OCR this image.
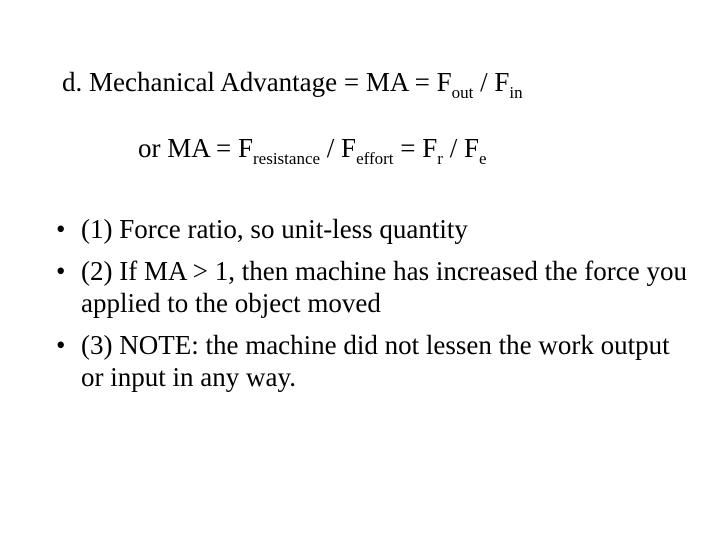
d. Mechanical Advantage = MA = $F_{out} / F_{in}$
or MA = $F_{resistance} / F_{effort} = F_r / F_e$
• (1) Force ratio, so unit-less quantity
• (2) If MA > 1, then machine has increased the force you applied to the object moved
• (3) NOTE: the machine did not lessen the work output or input in any way.
